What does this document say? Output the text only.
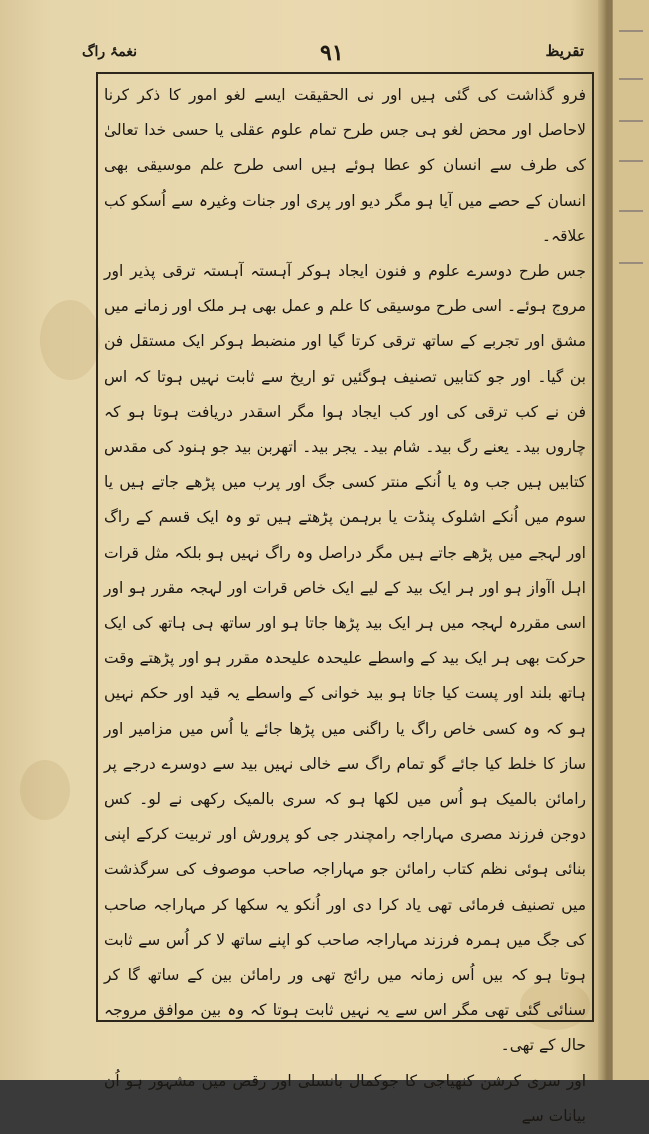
تقریظ
۹۱
نغمۂ راگ

فرو گذاشت کی گئی ہیں اور نی الحقیقت ایسے لغو امور کا ذکر کرنا لاحاصل اور محض لغو ہی جس طرح تمام علوم عقلی یا حسی خدا تعالیٰ کی طرف سے انسان کو عطا ہوئے ہیں اسی طرح علم موسیقی بھی انسان کے حصے میں آیا ہو مگر دیو اور پری اور جنات وغیرہ سے اُسکو کب علاقہ۔

جس طرح دوسرے علوم و فنون ایجاد ہوکر آہستہ آہستہ ترقی پذیر اور مروج ہوئے۔ اسی طرح موسیقی کا علم و عمل بھی ہر ملک اور زمانے میں مشق اور تجربے کے ساتھ ترقی کرتا گیا اور منضبط ہوکر ایک مستقل فن بن گیا۔ اور جو کتابیں تصنیف ہوگئیں تو اریخ سے ثابت نہیں ہوتا کہ اس فن نے کب ترقی کی اور کب ایجاد ہوا مگر اسقدر دریافت ہوتا ہو کہ چاروں بید۔ یعنے رگ بید۔ شام بید۔ یجر بید۔ اتھربن بید جو ہنود کی مقدس کتابیں ہیں جب وہ یا اُنکے منتر کسی جگ اور پرب میں پڑھے جاتے ہیں یا سوم میں اُنکے اشلوک پنڈت یا برہمن پڑھتے ہیں تو وہ ایک قسم کے راگ اور لہجے میں پڑھے جاتے ہیں مگر دراصل وہ راگ نہیں ہو بلکہ مثل قرات اہل اآواز ہو اور ہر ایک بید کے لیے ایک خاص قرات اور لہجہ مقرر ہو اور اسی مقررہ لہجہ میں ہر ایک بید پڑھا جاتا ہو اور ساتھ ہی ہاتھ کی ایک حرکت بھی ہر ایک بید کے واسطے علیحدہ علیحدہ مقرر ہو اور پڑھتے وقت ہاتھ بلند اور پست کیا جاتا ہو بید خوانی کے واسطے یہ قید اور حکم نہیں ہو کہ وہ کسی خاص راگ یا راگنی میں پڑھا جائے یا اُس میں مزامیر اور ساز کا خلط کیا جائے گو تمام راگ سے خالی نہیں بید سے دوسرے درجے پر رامائن بالمیک ہو اُس میں لکھا ہو کہ سری بالمیک رکھی نے لو۔ کس دوجن فرزند مصری مہاراجہ رامچندر جی کو پرورش اور تربیت کرکے اپنی بنائی ہوئی نظم کتاب رامائن جو مہاراجہ صاحب موصوف کی سرگذشت میں تصنیف فرمائی تھی یاد کرا دی اور اُنکو یہ سکھا کر مہاراجہ صاحب کی جگ میں ہمرہ فرزند مہاراجہ صاحب کو اپنے ساتھ لا کر اُس سے ثابت ہوتا ہو کہ بیں اُس زمانہ میں رائج تھی ور رامائن بین کے ساتھ گا کر سنائی گئی تھی مگر اس سے یہ نہیں ثابت ہوتا کہ وہ بین موافق مروجہ حال کے تھی۔

اور سری کرشن کنھیاجی کا جوکمال بانسلی اور رقص میں مشہور ہو اُن بیانات سے
